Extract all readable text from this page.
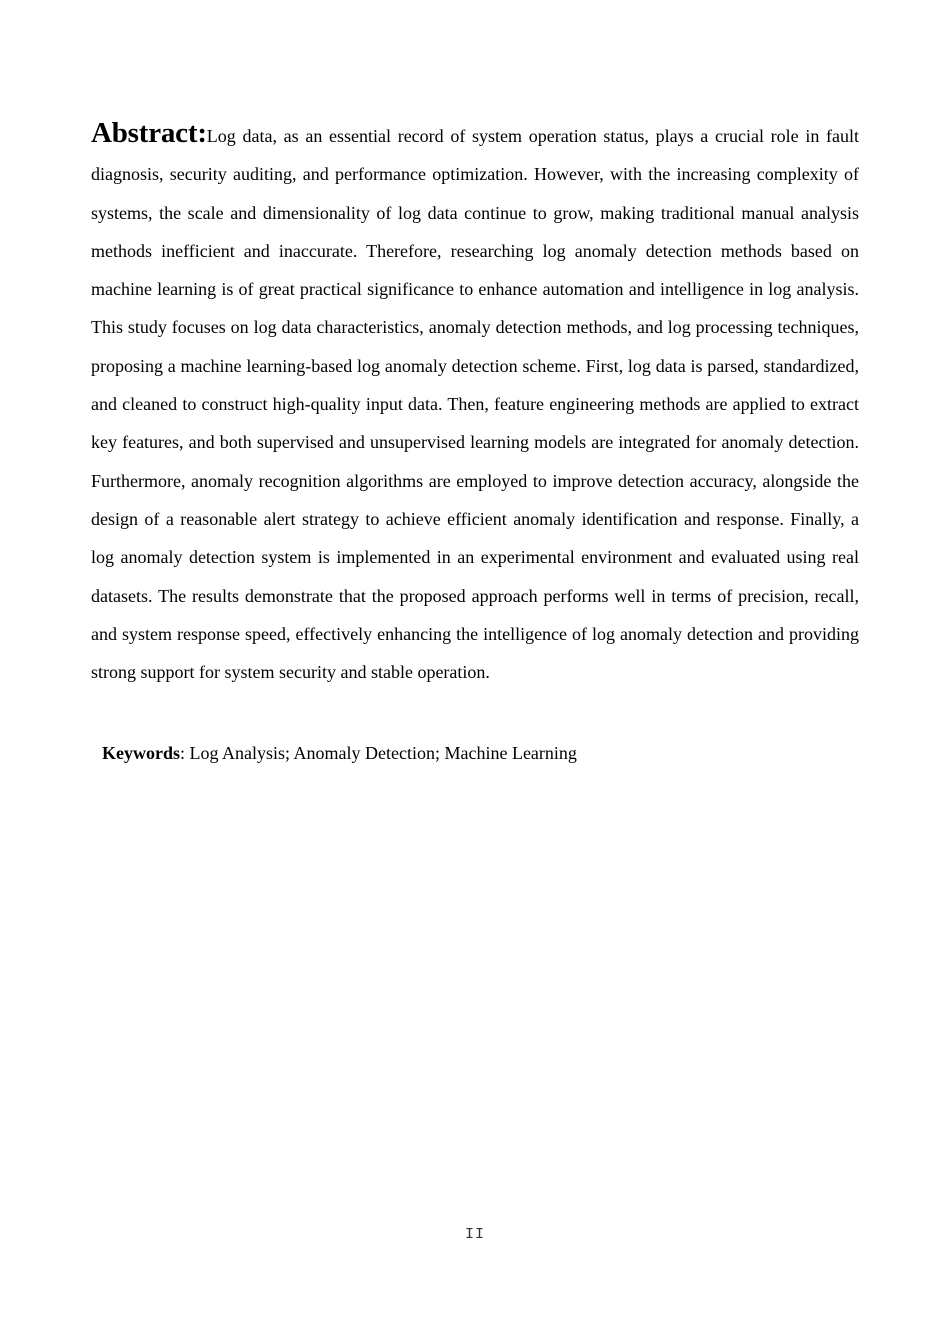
Abstract:Log data, as an essential record of system operation status, plays a crucial role in fault diagnosis, security auditing, and performance optimization. However, with the increasing complexity of systems, the scale and dimensionality of log data continue to grow, making traditional manual analysis methods inefficient and inaccurate. Therefore, researching log anomaly detection methods based on machine learning is of great practical significance to enhance automation and intelligence in log analysis. This study focuses on log data characteristics, anomaly detection methods, and log processing techniques, proposing a machine learning-based log anomaly detection scheme. First, log data is parsed, standardized, and cleaned to construct high-quality input data. Then, feature engineering methods are applied to extract key features, and both supervised and unsupervised learning models are integrated for anomaly detection. Furthermore, anomaly recognition algorithms are employed to improve detection accuracy, alongside the design of a reasonable alert strategy to achieve efficient anomaly identification and response. Finally, a log anomaly detection system is implemented in an experimental environment and evaluated using real datasets. The results demonstrate that the proposed approach performs well in terms of precision, recall, and system response speed, effectively enhancing the intelligence of log anomaly detection and providing strong support for system security and stable operation.
Keywords: Log Analysis; Anomaly Detection; Machine Learning
II
